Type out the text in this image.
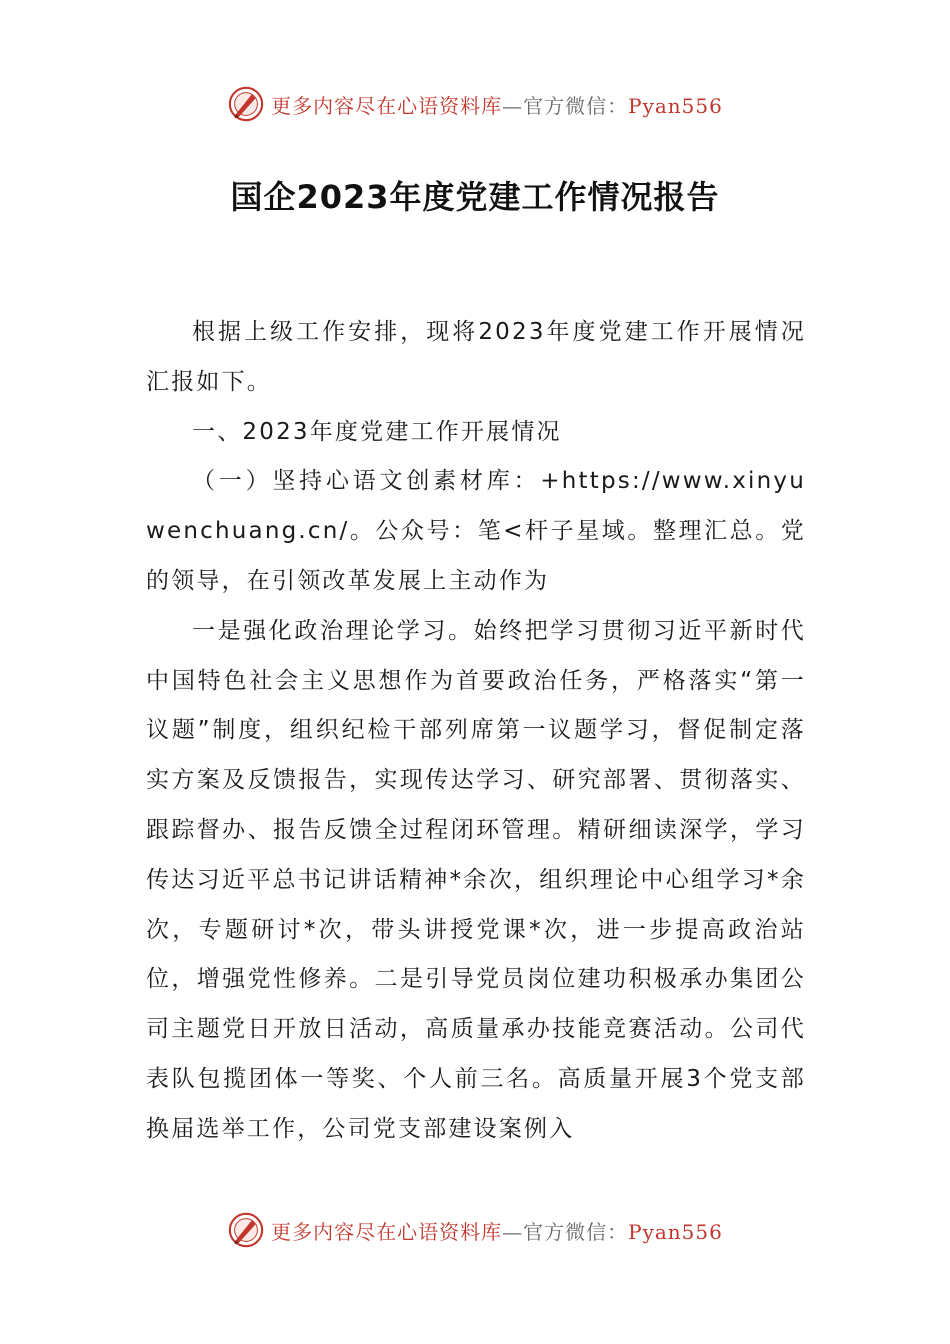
更多内容尽在心语资料库—官方微信：Pyan556
国企2023年度党建工作情况报告

根据上级工作安排，现将2023年度党建工作开展情况汇报如下。

一、2023年度党建工作开展情况

（一）坚持心语文创素材库：+https://www.xinyuwenchuang.cn/。公众号：笔<杆子星域。整理汇总。党的领导，在引领改革发展上主动作为

一是强化政治理论学习。始终把学习贯彻习近平新时代中国特色社会主义思想作为首要政治任务，严格落实“第一议题”制度，组织纪检干部列席第一议题学习，督促制定落实方案及反馈报告，实现传达学习、研究部署、贯彻落实、跟踪督办、报告反馈全过程闭环管理。精研细读深学，学习传达习近平总书记讲话精神*余次，组织理论中心组学习*余次，专题研讨*次，带头讲授党课*次，进一步提高政治站位，增强党性修养。二是引导党员岗位建功积极承办集团公司主题党日开放日活动，高质量承办技能竞赛活动。公司代表队包揽团体一等奖、个人前三名。高质量开展3个党支部换届选举工作，公司党支部建设案例入

更多内容尽在心语资料库—官方微信：Pyan556
